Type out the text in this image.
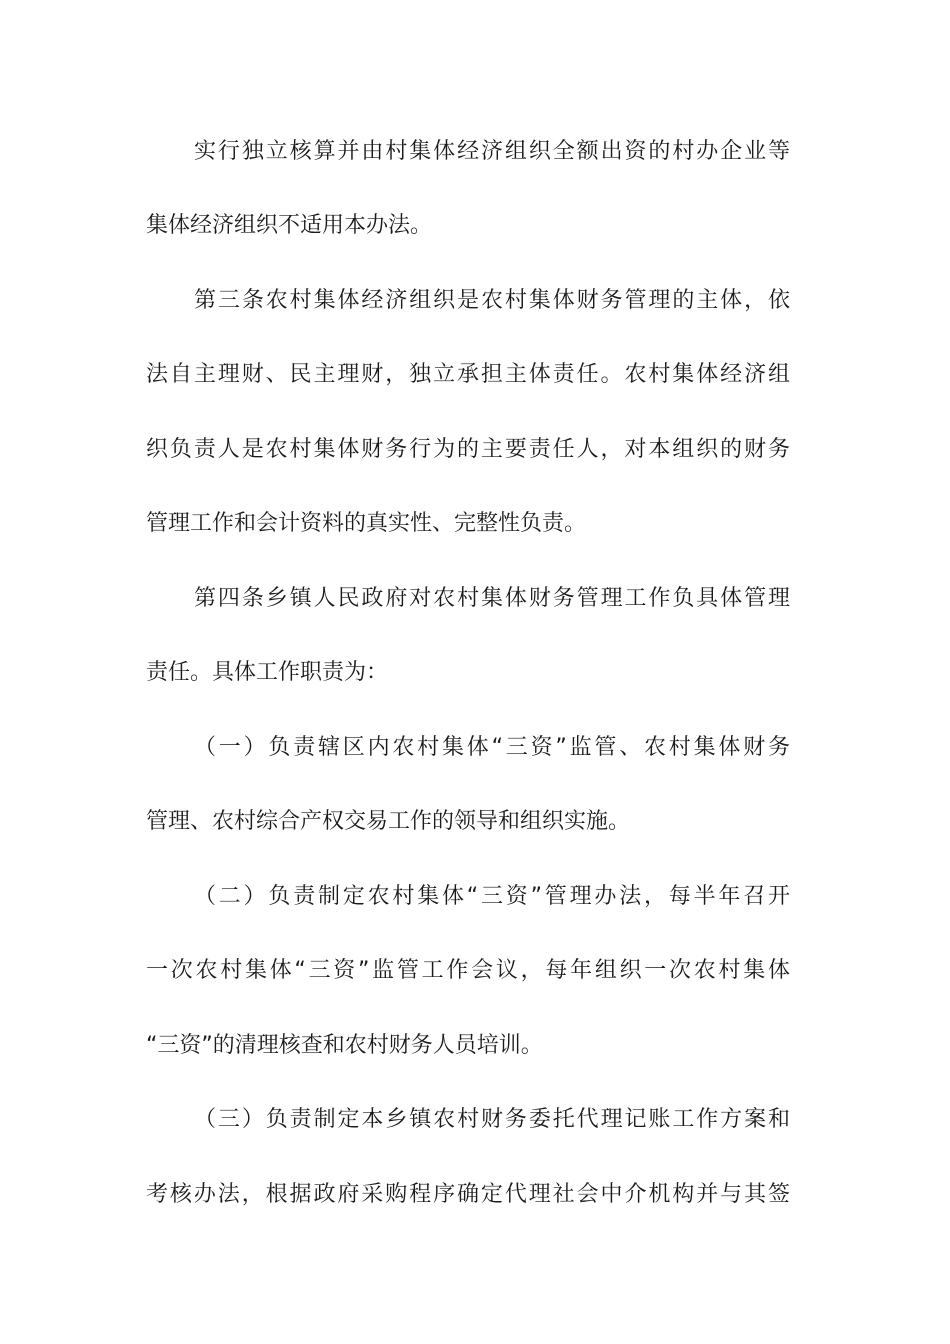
实行独立核算并由村集体经济组织全额出资的村办企业等
集体经济组织不适用本办法。
第三条农村集体经济组织是农村集体财务管理的主体，依
法自主理财、民主理财，独立承担主体责任。农村集体经济组
织负责人是农村集体财务行为的主要责任人，对本组织的财务
管理工作和会计资料的真实性、完整性负责。
第四条乡镇人民政府对农村集体财务管理工作负具体管理
责任。具体工作职责为：
（一）负责辖区内农村集体“三资”监管、农村集体财务
管理、农村综合产权交易工作的领导和组织实施。
（二）负责制定农村集体“三资”管理办法，每半年召开
一次农村集体“三资”监管工作会议，每年组织一次农村集体
“三资”的清理核查和农村财务人员培训。
（三）负责制定本乡镇农村财务委托代理记账工作方案和
考核办法，根据政府采购程序确定代理社会中介机构并与其签
